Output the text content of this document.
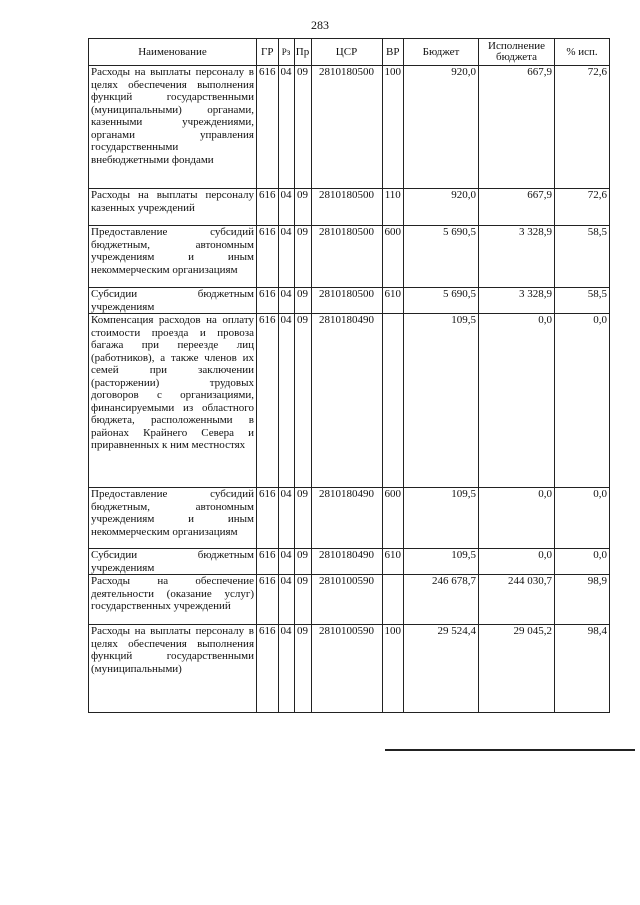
283
Наименование	ГР	Рз	Пр	ЦСР	ВР	Бюджет	Исполнение бюджета	% исп.
Расходы на выплаты персоналу в целях обеспечения выполнения функций государственными (муниципальными) органами, казенными учреждениями, органами управления государственными внебюджетными фондами	616	04	09	2810180500	100	920,0	667,9	72,6
Расходы на выплаты персоналу казенных учреждений	616	04	09	2810180500	110	920,0	667,9	72,6
Предоставление субсидий бюджетным, автономным учреждениям и иным некоммерческим организациям	616	04	09	2810180500	600	5 690,5	3 328,9	58,5
Субсидии бюджетным учреждениям	616	04	09	2810180500	610	5 690,5	3 328,9	58,5
Компенсация расходов на оплату стоимости проезда и провоза багажа при переезде лиц (работников), а также членов их семей при заключении (расторжении) трудовых договоров с организациями, финансируемыми из областного бюджета, расположенными в районах Крайнего Севера и приравненных к ним местностях	616	04	09	2810180490		109,5	0,0	0,0
Предоставление субсидий бюджетным, автономным учреждениям и иным некоммерческим организациям	616	04	09	2810180490	600	109,5	0,0	0,0
Субсидии бюджетным учреждениям	616	04	09	2810180490	610	109,5	0,0	0,0
Расходы на обеспечение деятельности (оказание услуг) государственных учреждений	616	04	09	2810100590		246 678,7	244 030,7	98,9
Расходы на выплаты персоналу в целях обеспечения выполнения функций государственными (муниципальными)	616	04	09	2810100590	100	29 524,4	29 045,2	98,4
